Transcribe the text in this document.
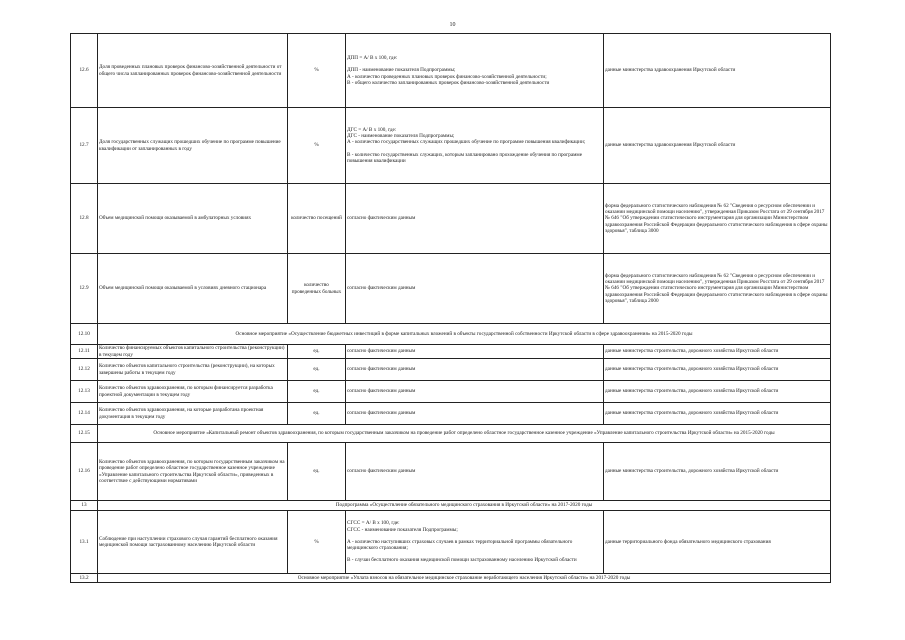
10
12.6	Доля проведенных плановых проверок финансово-хозяйственной деятельности от общего числа запланированных проверок финансово-хозяйственной деятельности	%	ДПП = А/ В х 100, где:
ДПП - наименование показателя Подпрограммы;
А - количество проведенных плановых проверок финансово-хозяйственной деятельности;
В - общего количество запланированных проверок финансово-хозяйственной деятельности	данные министерства здравоохранения Иркутской области
12.7	Доля государственных служащих прошедших обучение по программе повышение квалификации от запланированных в году	%	ДГС = А/ В х 100, где:
ДГС - наименование показателя Подпрограммы;
А - количество государственных служащих прошедших обучение по программе повышения квалификации;
В - количество государственных служащих, которым запланировано прохождение обучения по программе повышения квалификации	данные министерства здравоохранения Иркутской области
12.8	Объем медицинской помощи оказываемой в амбулаторных условиях	количество посещений	согласно фактическим данным	форма федерального статистического наблюдения № 62 "Сведения о ресурсном обеспечении и оказании медицинской помощи населению", утвержденная Приказом Росстата от 29 сентября 2017 № 646 "Об утверждении статистического инструментария для организации Министерством здравоохранения Российской Федерации федерального статистического наблюдения в сфере охраны здоровья", таблица 3000
12.9	Объем медицинской помощи оказываемой в условиях дневного стационара	количество проведенных больных	согласно фактическим данным	форма федерального статистического наблюдения № 62 "Сведения о ресурсном обеспечении и оказании медицинской помощи населению", утвержденная Приказом Росстата от 29 сентября 2017 № 646 "Об утверждении статистического инструментария для организации Министерством здравоохранения Российской Федерации федерального статистического наблюдения в сфере охраны здоровья", таблица 2000
12.10	Основное мероприятие «Осуществление бюджетных инвестиций в форме капитальных вложений в объекты государственной собственности Иркутской области в сфере здравоохранения» на 2015-2020 годы			
12.11	Количество финансируемых объектов капитального строительства (реконструкции) в текущем году	ед.	согласно фактическим данным	данные министерства строительства, дорожного хозяйства Иркутской области
12.12	Количество объектов капитального строительства (реконструкции), на которых завершены работы в текущем году	ед.	согласно фактическим данным	данные министерства строительства, дорожного хозяйства Иркутской области
12.13	Количество объектов здравоохранения, по которым финансируется разработка проектной документации в текущем году	ед.	согласно фактическим данным	данные министерства строительства, дорожного хозяйства Иркутской области
12.14	Количество объектов здравоохранения, на которые разработана проектная документация в текущем году	ед.	согласно фактическим данным	данные министерства строительства, дорожного хозяйства Иркутской области
12.15	Основное мероприятие «Капитальный ремонт объектов здравоохранения, по которым государственным заказчиком на проведение работ определено областное государственное казенное учреждение «Управление капитального строительства Иркутской области» на 2015-2020 годы			
12.16	Количество объектов здравоохранения, по которым государственным заказчиком на проведение работ определено областное государственное казенное учреждение «Управление капитального строительства Иркутской области», приведенных в соответствие с действующими нормативами	ед.	согласно фактическим данным	данные министерства строительства, дорожного хозяйства Иркутской области
13	Подпрограмма «Осуществление обязательного медицинского страхования в Иркутской области» на 2017-2020 годы			
13.1	Соблюдение при наступлении страхового случая гарантий бесплатного оказания медицинской помощи застрахованному населению Иркутской области	%	СГСС = А/ В х 100, где:
СГСС - наименование показателя Подпрограммы;
А - количество наступивших страховых случаев в рамках территориальной программы обязательного медицинского страхования;
В - случаи бесплатного оказания медицинской помощи застрахованному населению Иркутской области	данные территориального фонда обязательного медицинского страхования
13.2	Основное мероприятие «Уплата взносов на обязательное медицинское страхование неработающего населения Иркутской области» на 2017-2020 годы			
